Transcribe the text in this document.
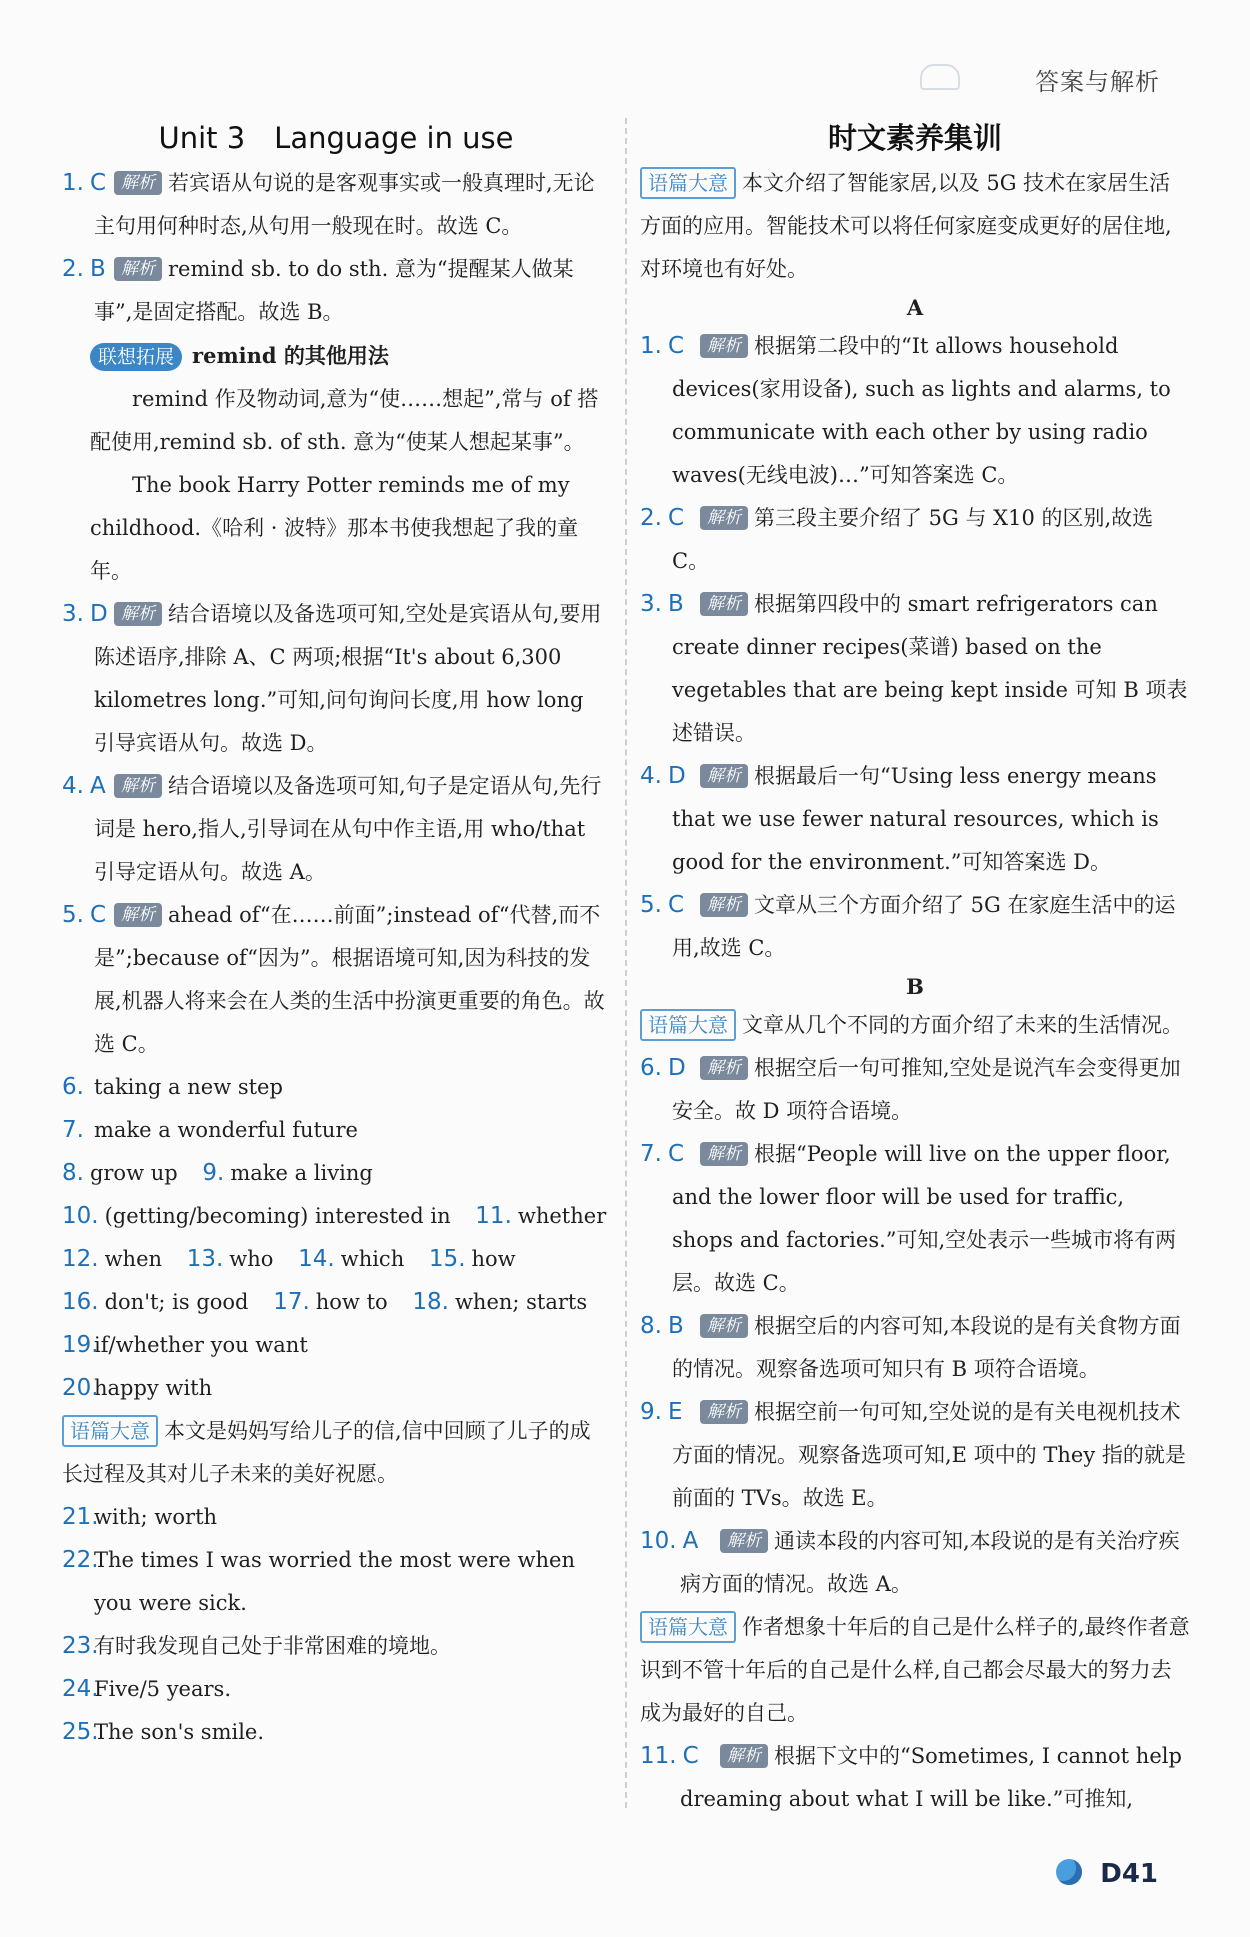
答案与解析
Unit 3　Language in use
1. C 解析 若宾语从句说的是客观事实或一般真理时,无论主句用何种时态,从句用一般现在时。故选 C。
2. B 解析 remind sb. to do sth. 意为“提醒某人做某事”,是固定搭配。故选 B。
联想拓展 remind 的其他用法
remind 作及物动词,意为“使……想起”,常与 of 搭配使用,remind sb. of sth. 意为“使某人想起某事”。
The book Harry Potter reminds me of my childhood.《哈利 · 波特》那本书使我想起了我的童年。
3. D 解析 结合语境以及备选项可知,空处是宾语从句,要用陈述语序,排除 A、C 两项;根据“It's about 6,300 kilometres long.”可知,问句询问长度,用 how long 引导宾语从句。故选 D。
4. A 解析 结合语境以及备选项可知,句子是定语从句,先行词是 hero,指人,引导词在从句中作主语,用 who/that 引导定语从句。故选 A。
5. C 解析 ahead of“在……前面”;instead of“代替,而不是”;because of“因为”。根据语境可知,因为科技的发展,机器人将来会在人类的生活中扮演更重要的角色。故选 C。
6. taking a new step
7. make a wonderful future
8. grow up 9. make a living
10. (getting/becoming) interested in 11. whether
12. when 13. who 14. which 15. how
16. don't; is good 17. how to 18. when; starts
19.
if/whether you want
20.
happy with
语篇大意 本文是妈妈写给儿子的信,信中回顾了儿子的成长过程及其对儿子未来的美好祝愿。
21.
with; worth
22.
The times I was worried the most were when you were sick.
23.
有时我发现自己处于非常困难的境地。
24.
Five/5 years.
25.
The son's smile.
时文素养集训
语篇大意 本文介绍了智能家居,以及 5G 技术在家居生活方面的应用。智能技术可以将任何家庭变成更好的居住地,对环境也有好处。
A
1. C 解析 根据第二段中的“It allows household devices(家用设备), such as lights and alarms, to communicate with each other by using radio waves(无线电波)…”可知答案选 C。
2. C 解析 第三段主要介绍了 5G 与 X10 的区别,故选 C。
3. B 解析 根据第四段中的 smart refrigerators can create dinner recipes(菜谱) based on the vegetables that are being kept inside 可知 B 项表述错误。
4. D 解析 根据最后一句“Using less energy means that we use fewer natural resources, which is good for the environment.”可知答案选 D。
5. C 解析 文章从三个方面介绍了 5G 在家庭生活中的运用,故选 C。
B
语篇大意 文章从几个不同的方面介绍了未来的生活情况。
6. D 解析 根据空后一句可推知,空处是说汽车会变得更加安全。故 D 项符合语境。
7. C 解析 根据“People will live on the upper floor, and the lower floor will be used for traffic, shops and factories.”可知,空处表示一些城市将有两层。故选 C。
8. B 解析 根据空后的内容可知,本段说的是有关食物方面的情况。观察备选项可知只有 B 项符合语境。
9. E 解析 根据空前一句可知,空处说的是有关电视机技术方面的情况。观察备选项可知,E 项中的 They 指的就是前面的 TVs。故选 E。
10. A 解析 通读本段的内容可知,本段说的是有关治疗疾病方面的情况。故选 A。
语篇大意 作者想象十年后的自己是什么样子的,最终作者意识到不管十年后的自己是什么样,自己都会尽最大的努力去成为最好的自己。
11. C 解析 根据下文中的“Sometimes, I cannot help dreaming about what I will be like.”可推知,
D41
